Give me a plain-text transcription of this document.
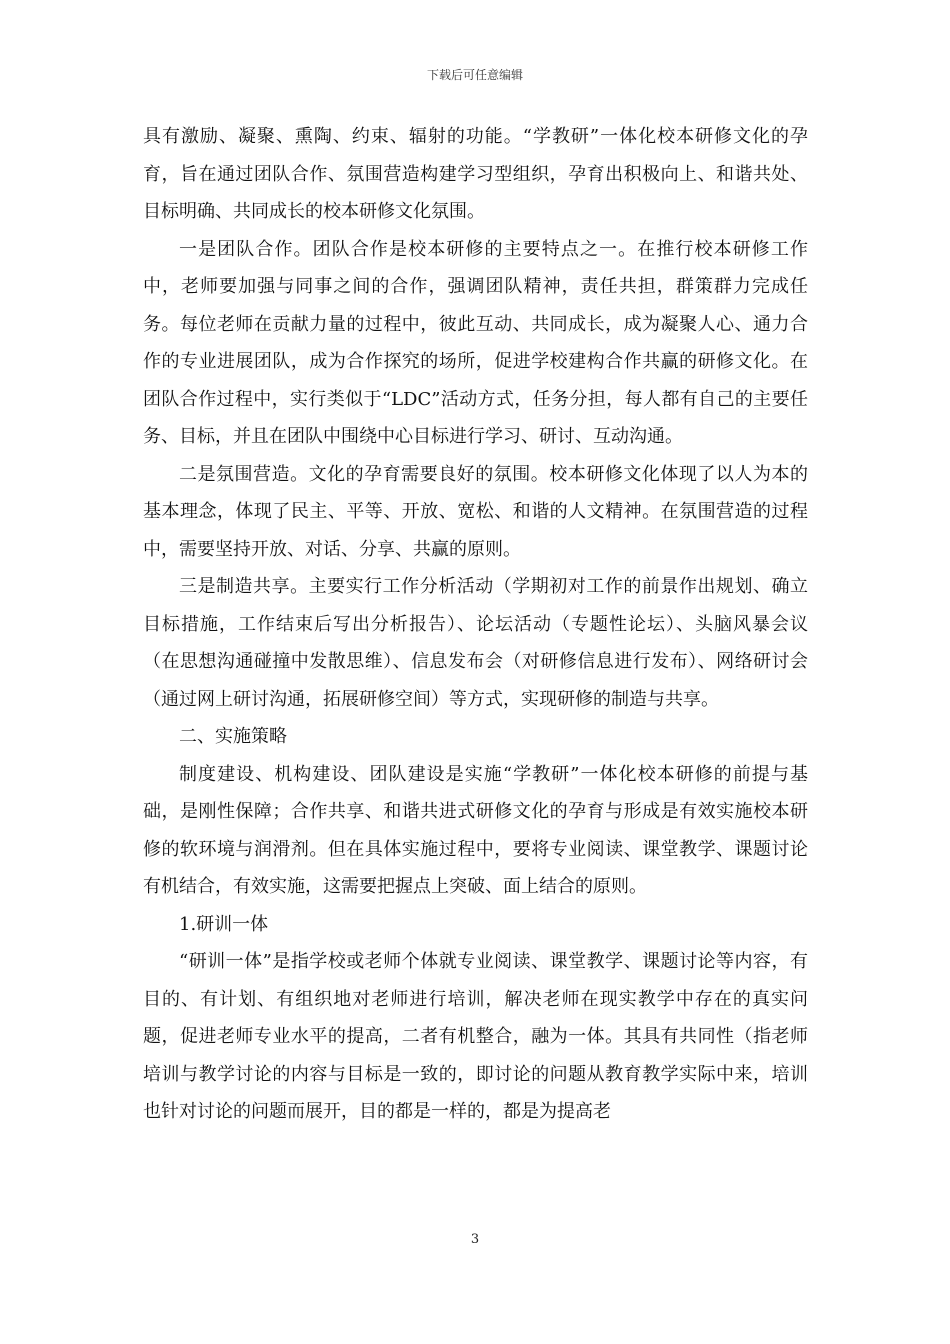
下载后可任意编辑

具有激励、凝聚、熏陶、约束、辐射的功能。“学教研”一体化校本研修文化的孕育，旨在通过团队合作、氛围营造构建学习型组织，孕育出积极向上、和谐共处、目标明确、共同成长的校本研修文化氛围。

一是团队合作。团队合作是校本研修的主要特点之一。在推行校本研修工作中，老师要加强与同事之间的合作，强调团队精神，责任共担，群策群力完成任务。每位老师在贡献力量的过程中，彼此互动、共同成长，成为凝聚人心、通力合作的专业进展团队，成为合作探究的场所，促进学校建构合作共赢的研修文化。在团队合作过程中，实行类似于“LDC”活动方式，任务分担，每人都有自己的主要任务、目标，并且在团队中围绕中心目标进行学习、研讨、互动沟通。

二是氛围营造。文化的孕育需要良好的氛围。校本研修文化体现了以人为本的基本理念，体现了民主、平等、开放、宽松、和谐的人文精神。在氛围营造的过程中，需要坚持开放、对话、分享、共赢的原则。

三是制造共享。主要实行工作分析活动（学期初对工作的前景作出规划、确立目标措施，工作结束后写出分析报告）、论坛活动（专题性论坛）、头脑风暴会议（在思想沟通碰撞中发散思维）、信息发布会（对研修信息进行发布）、网络研讨会（通过网上研讨沟通，拓展研修空间）等方式，实现研修的制造与共享。

二、实施策略

制度建设、机构建设、团队建设是实施“学教研”一体化校本研修的前提与基础，是刚性保障；合作共享、和谐共进式研修文化的孕育与形成是有效实施校本研修的软环境与润滑剂。但在具体实施过程中，要将专业阅读、课堂教学、课题讨论有机结合，有效实施，这需要把握点上突破、面上结合的原则。

1.研训一体

“研训一体”是指学校或老师个体就专业阅读、课堂教学、课题讨论等内容，有目的、有计划、有组织地对老师进行培训，解决老师在现实教学中存在的真实问题，促进老师专业水平的提高，二者有机整合，融为一体。其具有共同性（指老师培训与教学讨论的内容与目标是一致的，即讨论的问题从教育教学实际中来，培训也针对讨论的问题而展开，目的都是一样的，都是为提高老

3
